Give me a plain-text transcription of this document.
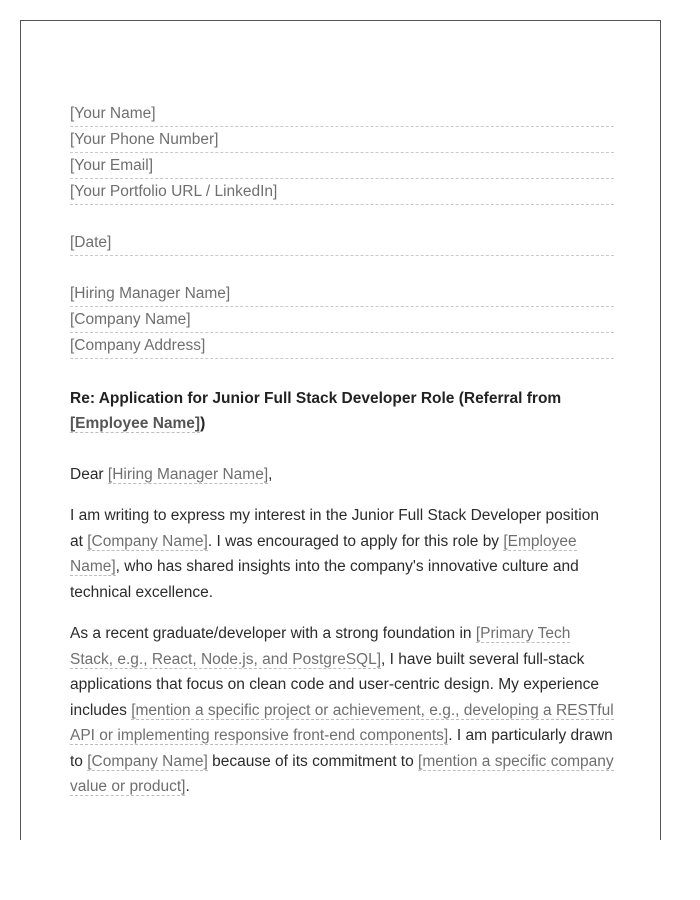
[Your Name]
[Your Phone Number]
[Your Email]
[Your Portfolio URL / LinkedIn]
[Date]
[Hiring Manager Name]
[Company Name]
[Company Address]
Re: Application for Junior Full Stack Developer Role (Referral from [Employee Name])
Dear [Hiring Manager Name],
I am writing to express my interest in the Junior Full Stack Developer position at [Company Name]. I was encouraged to apply for this role by [Employee Name], who has shared insights into the company's innovative culture and technical excellence.
As a recent graduate/developer with a strong foundation in [Primary Tech Stack, e.g., React, Node.js, and PostgreSQL], I have built several full-stack applications that focus on clean code and user-centric design. My experience includes [mention a specific project or achievement, e.g., developing a RESTful API or implementing responsive front-end components]. I am particularly drawn to [Company Name] because of its commitment to [mention a specific company value or product].
